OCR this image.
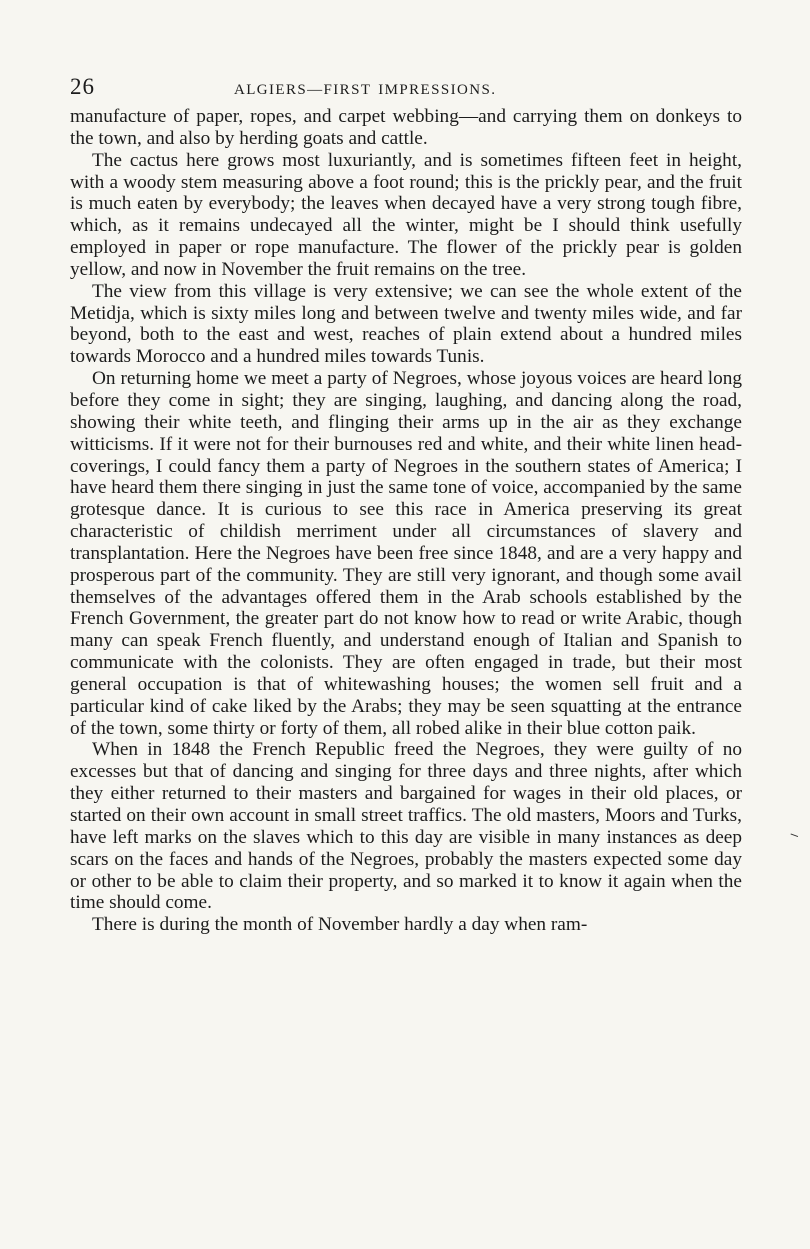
26	ALGIERS—FIRST IMPRESSIONS.

manufacture of paper, ropes, and carpet webbing—and carrying them on donkeys to the town, and also by herding goats and cattle.

The cactus here grows most luxuriantly, and is sometimes fifteen feet in height, with a woody stem measuring above a foot round; this is the prickly pear, and the fruit is much eaten by everybody; the leaves when decayed have a very strong tough fibre, which, as it remains undecayed all the winter, might be I should think usefully employed in paper or rope manufacture. The flower of the prickly pear is golden yellow, and now in November the fruit remains on the tree.

The view from this village is very extensive; we can see the whole extent of the Metidja, which is sixty miles long and between twelve and twenty miles wide, and far beyond, both to the east and west, reaches of plain extend about a hundred miles towards Morocco and a hundred miles towards Tunis.

On returning home we meet a party of Negroes, whose joyous voices are heard long before they come in sight; they are singing, laughing, and dancing along the road, showing their white teeth, and flinging their arms up in the air as they exchange witticisms. If it were not for their burnouses red and white, and their white linen head-coverings, I could fancy them a party of Negroes in the southern states of America; I have heard them there singing in just the same tone of voice, accompanied by the same grotesque dance. It is curious to see this race in America preserving its great characteristic of childish merriment under all circumstances of slavery and transplantation. Here the Negroes have been free since 1848, and are a very happy and prosperous part of the community. They are still very ignorant, and though some avail themselves of the advantages offered them in the Arab schools established by the French Government, the greater part do not know how to read or write Arabic, though many can speak French fluently, and understand enough of Italian and Spanish to communicate with the colonists. They are often engaged in trade, but their most general occupation is that of whitewashing houses; the women sell fruit and a particular kind of cake liked by the Arabs; they may be seen squatting at the entrance of the town, some thirty or forty of them, all robed alike in their blue cotton paik.

When in 1848 the French Republic freed the Negroes, they were guilty of no excesses but that of dancing and singing for three days and three nights, after which they either returned to their masters and bargained for wages in their old places, or started on their own account in small street traffics. The old masters, Moors and Turks, have left marks on the slaves which to this day are visible in many instances as deep scars on the faces and hands of the Negroes, probably the masters expected some day or other to be able to claim their property, and so marked it to know it again when the time should come.

There is during the month of November hardly a day when ram-

‒
